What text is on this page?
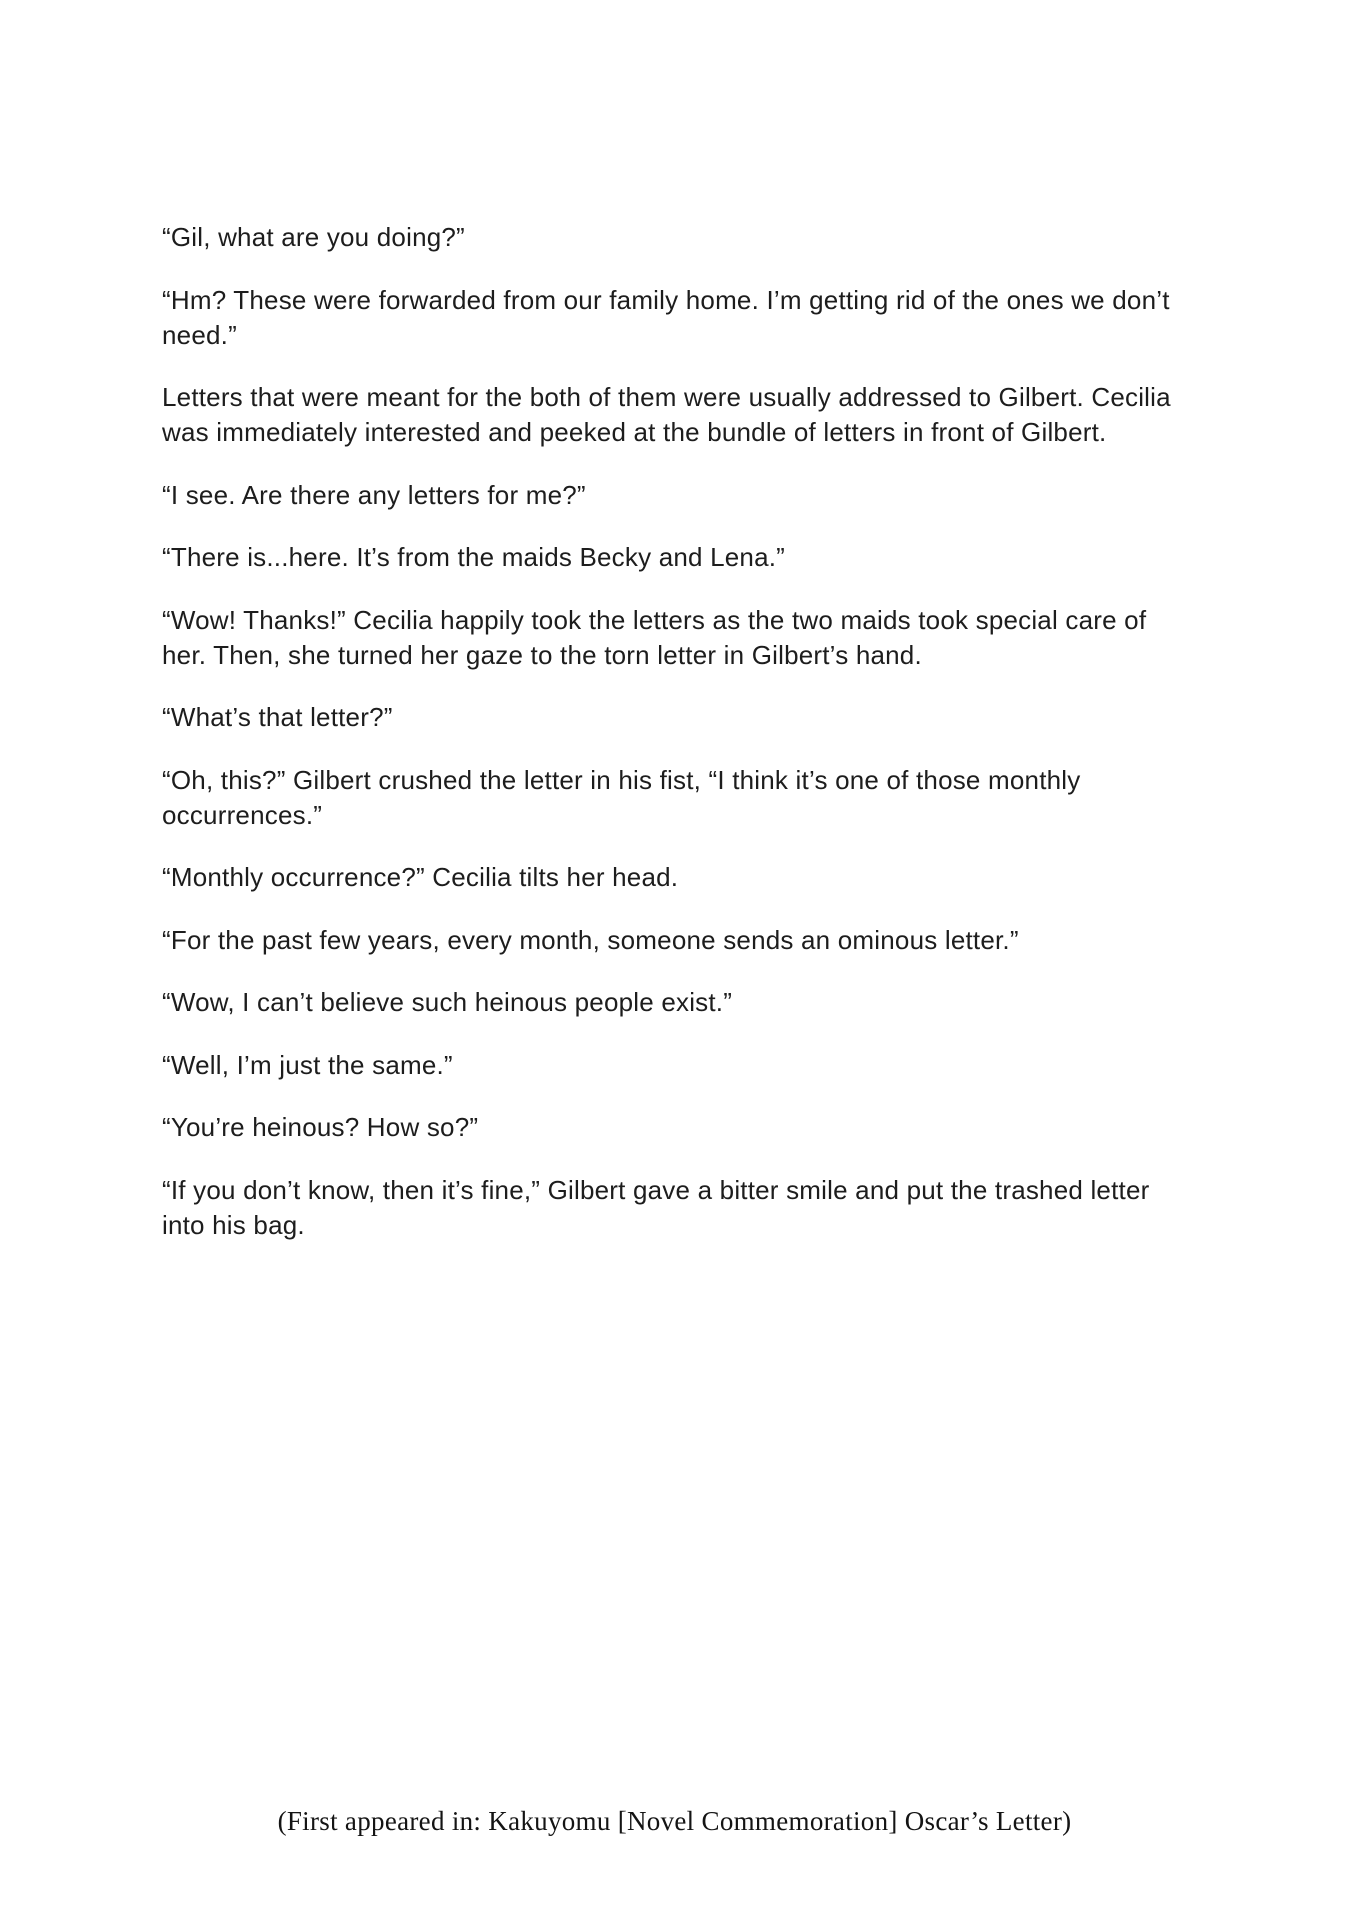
“Gil, what are you doing?”

“Hm? These were forwarded from our family home. I’m getting rid of the ones we don’t need.”

Letters that were meant for the both of them were usually addressed to Gilbert. Cecilia was immediately interested and peeked at the bundle of letters in front of Gilbert.

“I see. Are there any letters for me?”

“There is...here. It’s from the maids Becky and Lena.”

“Wow! Thanks!” Cecilia happily took the letters as the two maids took special care of her. Then, she turned her gaze to the torn letter in Gilbert’s hand.

“What’s that letter?”

“Oh, this?” Gilbert crushed the letter in his fist, “I think it’s one of those monthly occurrences.”

“Monthly occurrence?” Cecilia tilts her head.

“For the past few years, every month, someone sends an ominous letter.”

“Wow, I can’t believe such heinous people exist.”

“Well, I’m just the same.”

“You’re heinous? How so?”

“If you don’t know, then it’s fine,” Gilbert gave a bitter smile and put the trashed letter into his bag.

(First appeared in: Kakuyomu [Novel Commemoration] Oscar’s Letter)
